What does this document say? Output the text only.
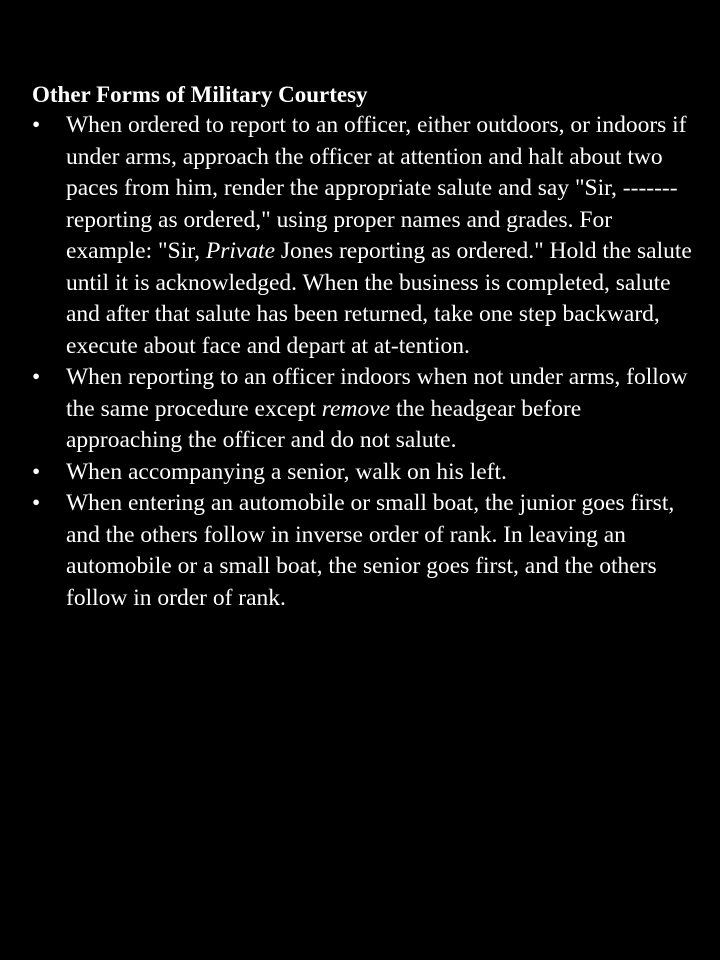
Other Forms of Military Courtesy
•	When ordered to report to an officer, either outdoors, or indoors if under arms, approach the officer at attention and halt about two paces from him, render the appropriate salute and say "Sir, -------reporting as ordered," using proper names and grades. For example: "Sir, Private Jones reporting as ordered." Hold the salute until it is acknowledged. When the business is completed, salute and after that salute has been returned, take one step backward, execute about face and depart at at-tention.
•	When reporting to an officer indoors when not under arms, follow the same procedure except remove the headgear before approaching the officer and do not salute.
•	When accompanying a senior, walk on his left.
•	When entering an automobile or small boat, the junior goes first, and the others follow in inverse order of rank. In leaving an automobile or a small boat, the senior goes first, and the others follow in order of rank.
